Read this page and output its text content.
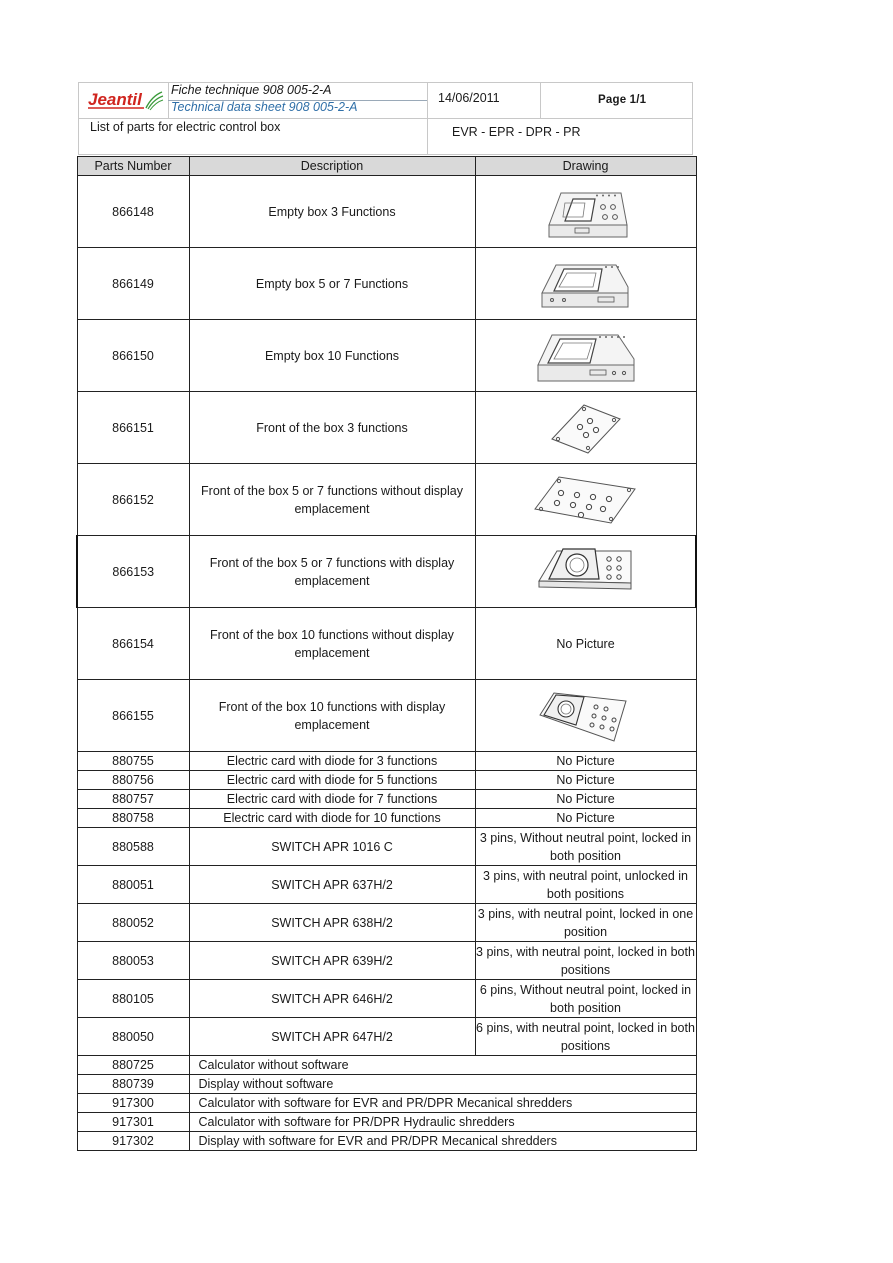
Jeantil Fiche technique 908 005-2-A
Technical data sheet 908 005-2-A
14/06/2011	Page 1/1
List of parts for electric control box	EVR - EPR - DPR - PR
Parts Number	Description	Drawing
866148	Empty box 3 Functions

866149	Empty box 5 or 7 Functions

866150	Empty box 10 Functions

866151	Front of the box 3 functions

866152	Front of the box 5 or 7 functions without display emplacement

866153	Front of the box 5 or 7 functions with display emplacement

866154	Front of the box 10 functions without display emplacement	No Picture
866155	Front of the box 10 functions with display emplacement

880755	Electric card with diode for 3 functions	No Picture
880756	Electric card with diode for 5 functions	No Picture
880757	Electric card with diode for 7 functions	No Picture
880758	Electric card with diode for 10 functions	No Picture
880588	SWITCH APR 1016 C	3 pins, Without neutral point, locked in both position
880051	SWITCH APR 637H/2	3 pins, with neutral point, unlocked in both positions
880052	SWITCH APR 638H/2	3 pins, with neutral point, locked in one position
880053	SWITCH APR 639H/2	3 pins, with neutral point, locked in both positions
880105	SWITCH APR 646H/2	6 pins, Without neutral point, locked in both position
880050	SWITCH APR 647H/2	6 pins, with neutral point, locked in both positions
880725	Calculator without software	
880739	Display without software	
917300	Calculator with software for EVR and PR/DPR Mecanical shredders	
917301	Calculator with software for PR/DPR Hydraulic shredders	
917302	Display with software for EVR and PR/DPR Mecanical shredders	
